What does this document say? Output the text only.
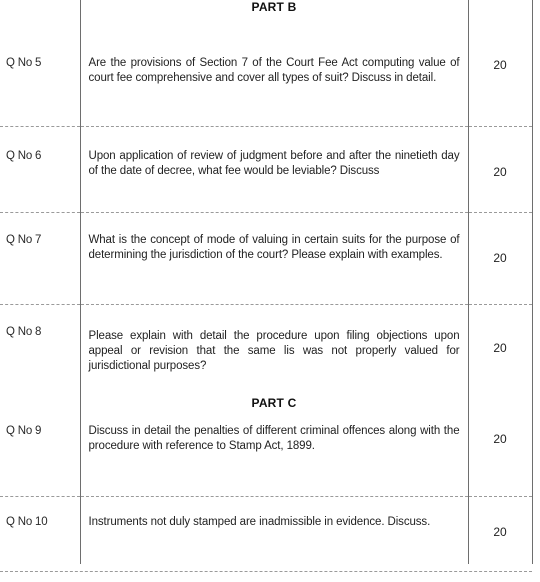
	PART B	
Q No 5	Are the provisions of Section 7 of the Court Fee Act computing value of court fee comprehensive and cover all types of suit? Discuss in detail.	20
Q No 6	Upon application of review of judgment before and after the ninetieth day of the date of decree, what fee would be leviable? Discuss	20
Q No 7	What is the concept of mode of valuing in certain suits for the purpose of determining the jurisdiction of the court? Please explain with examples.	20
Q No 8	Please explain with detail the procedure upon filing objections upon appeal or revision that the same lis was not properly valued for jurisdictional purposes?	20
	PART C	
Q No 9	Discuss in detail the penalties of different criminal offences along with the procedure with reference to Stamp Act, 1899.	20
Q No 10	Instruments not duly stamped are inadmissible in evidence. Discuss.	20
